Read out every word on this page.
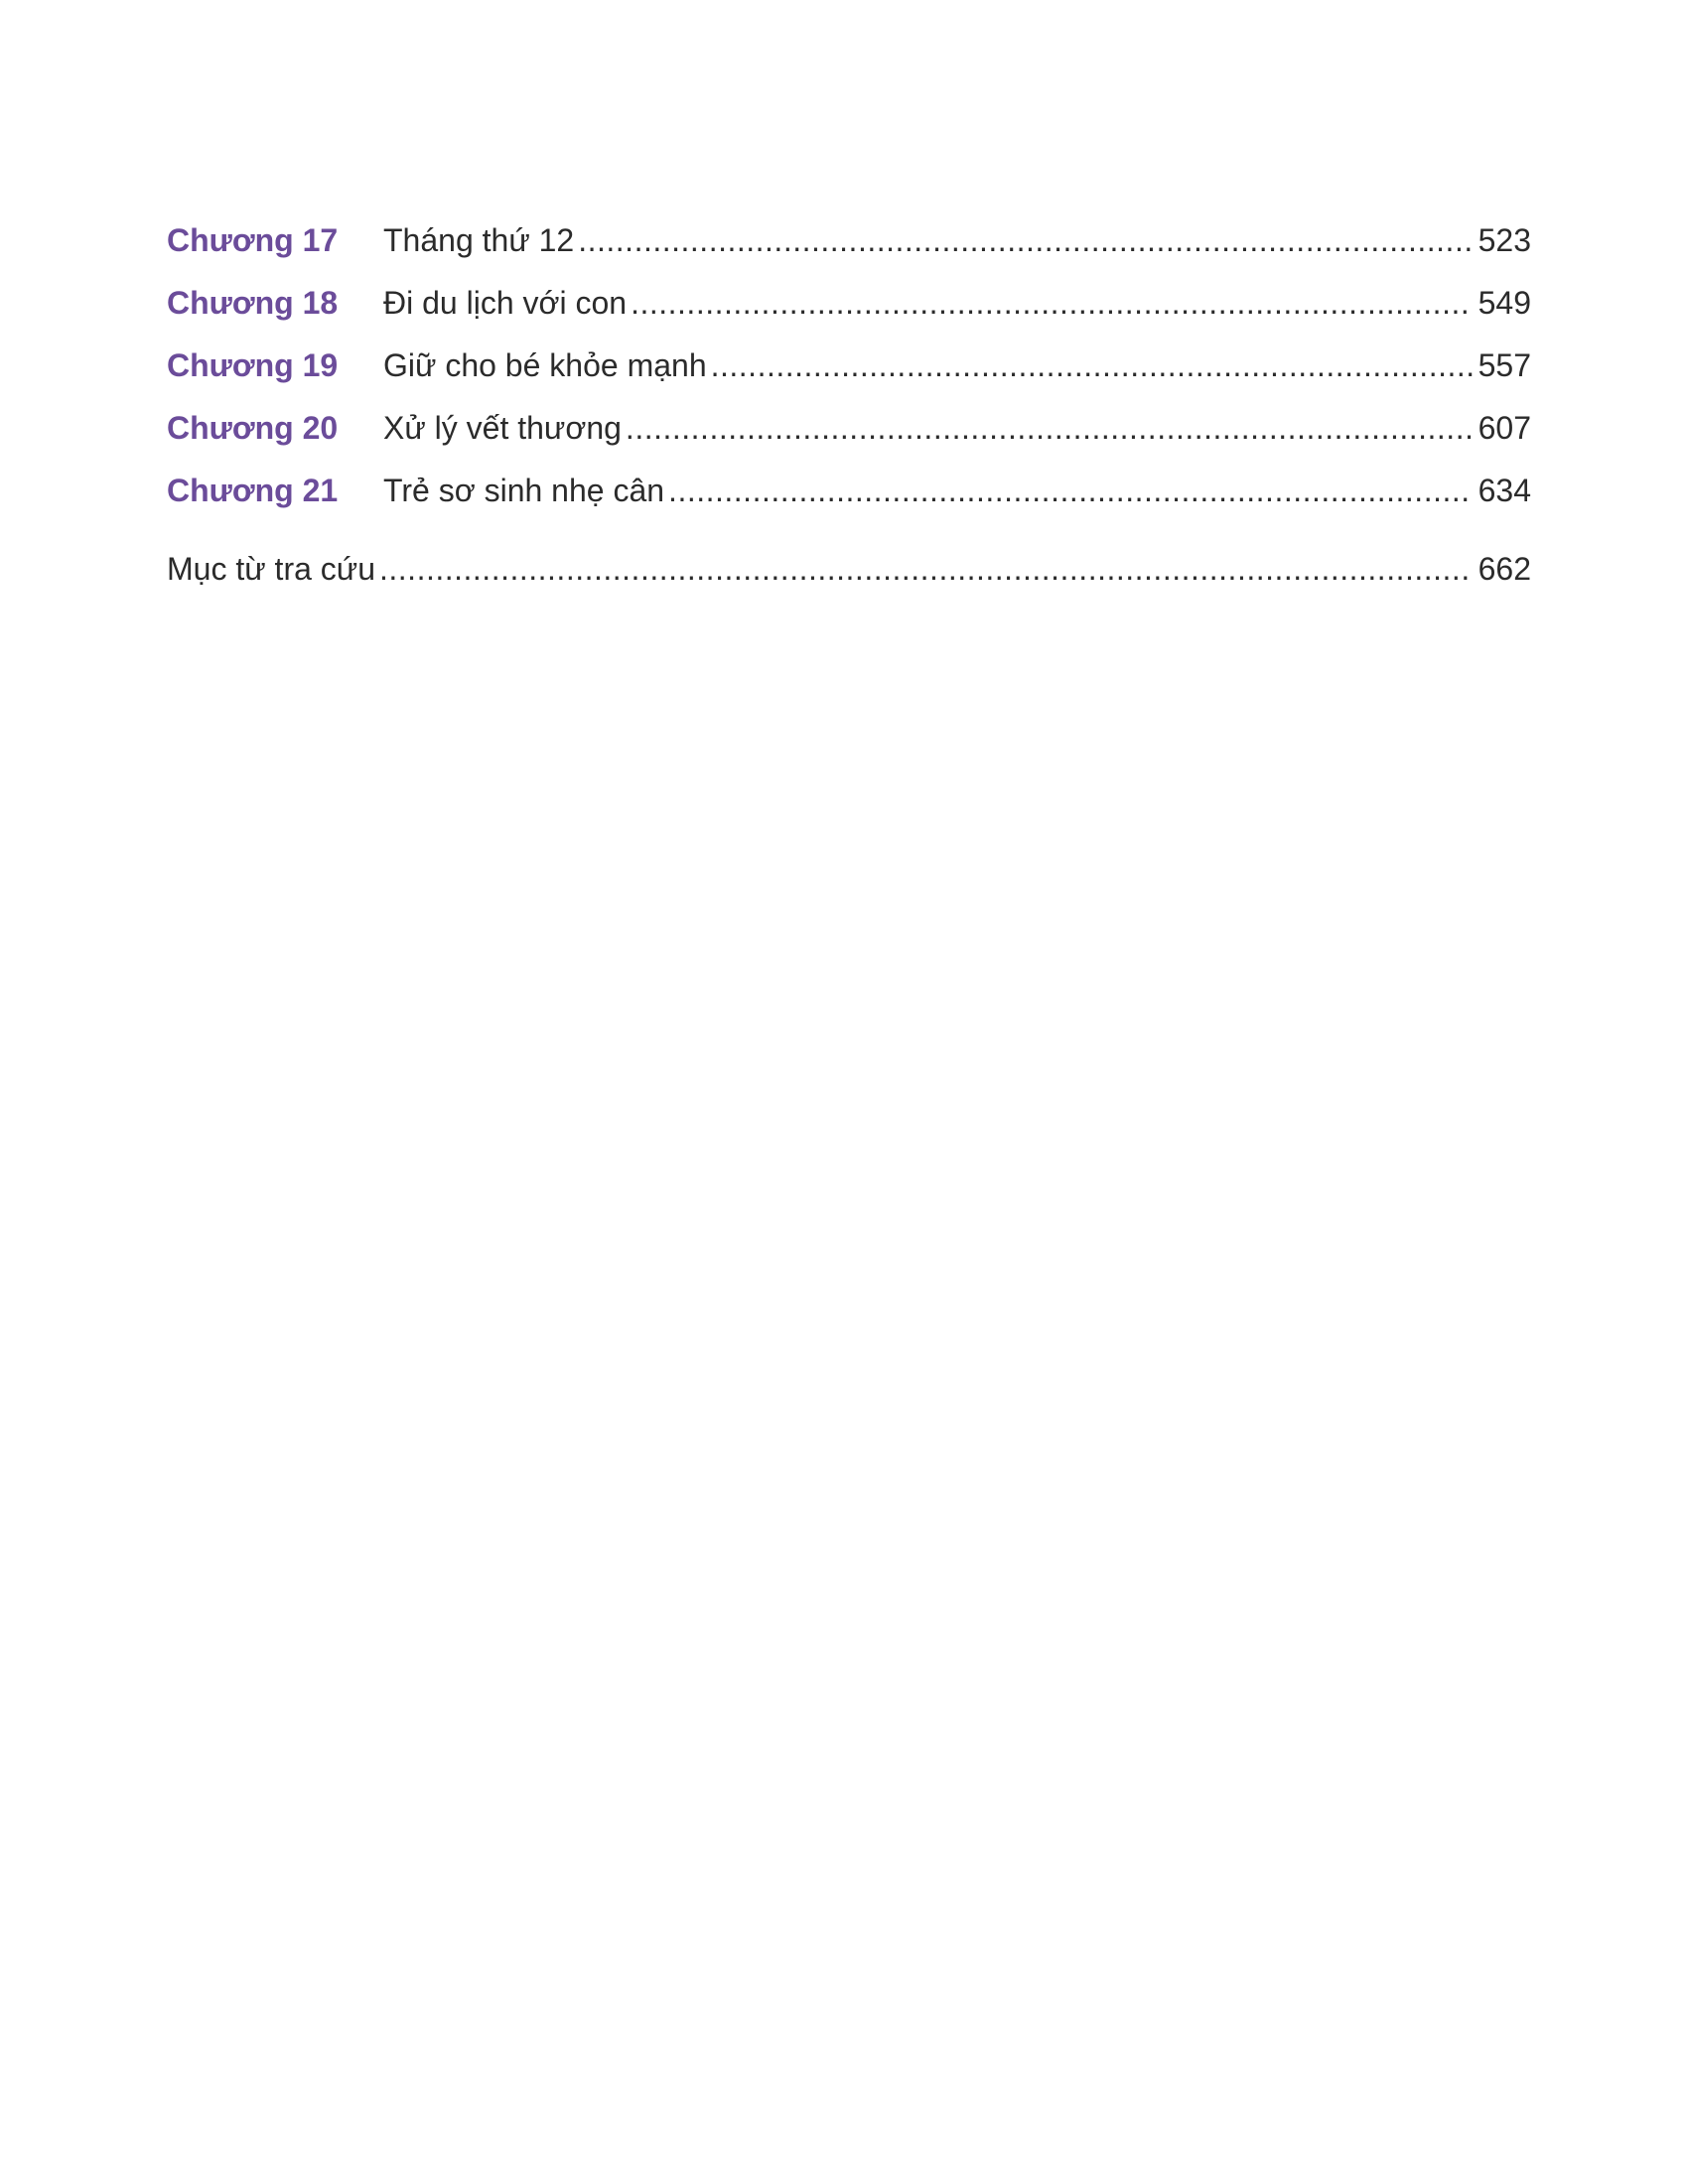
Chương 17	Tháng thứ 12 .....	523
Chương 18	Đi du lịch với con .....	549
Chương 19	Giữ cho bé khỏe mạnh .....	557
Chương 20	Xử lý vết thương .....	607
Chương 21	Trẻ sơ sinh nhẹ cân .....	634
Mục từ tra cứu .....	662
